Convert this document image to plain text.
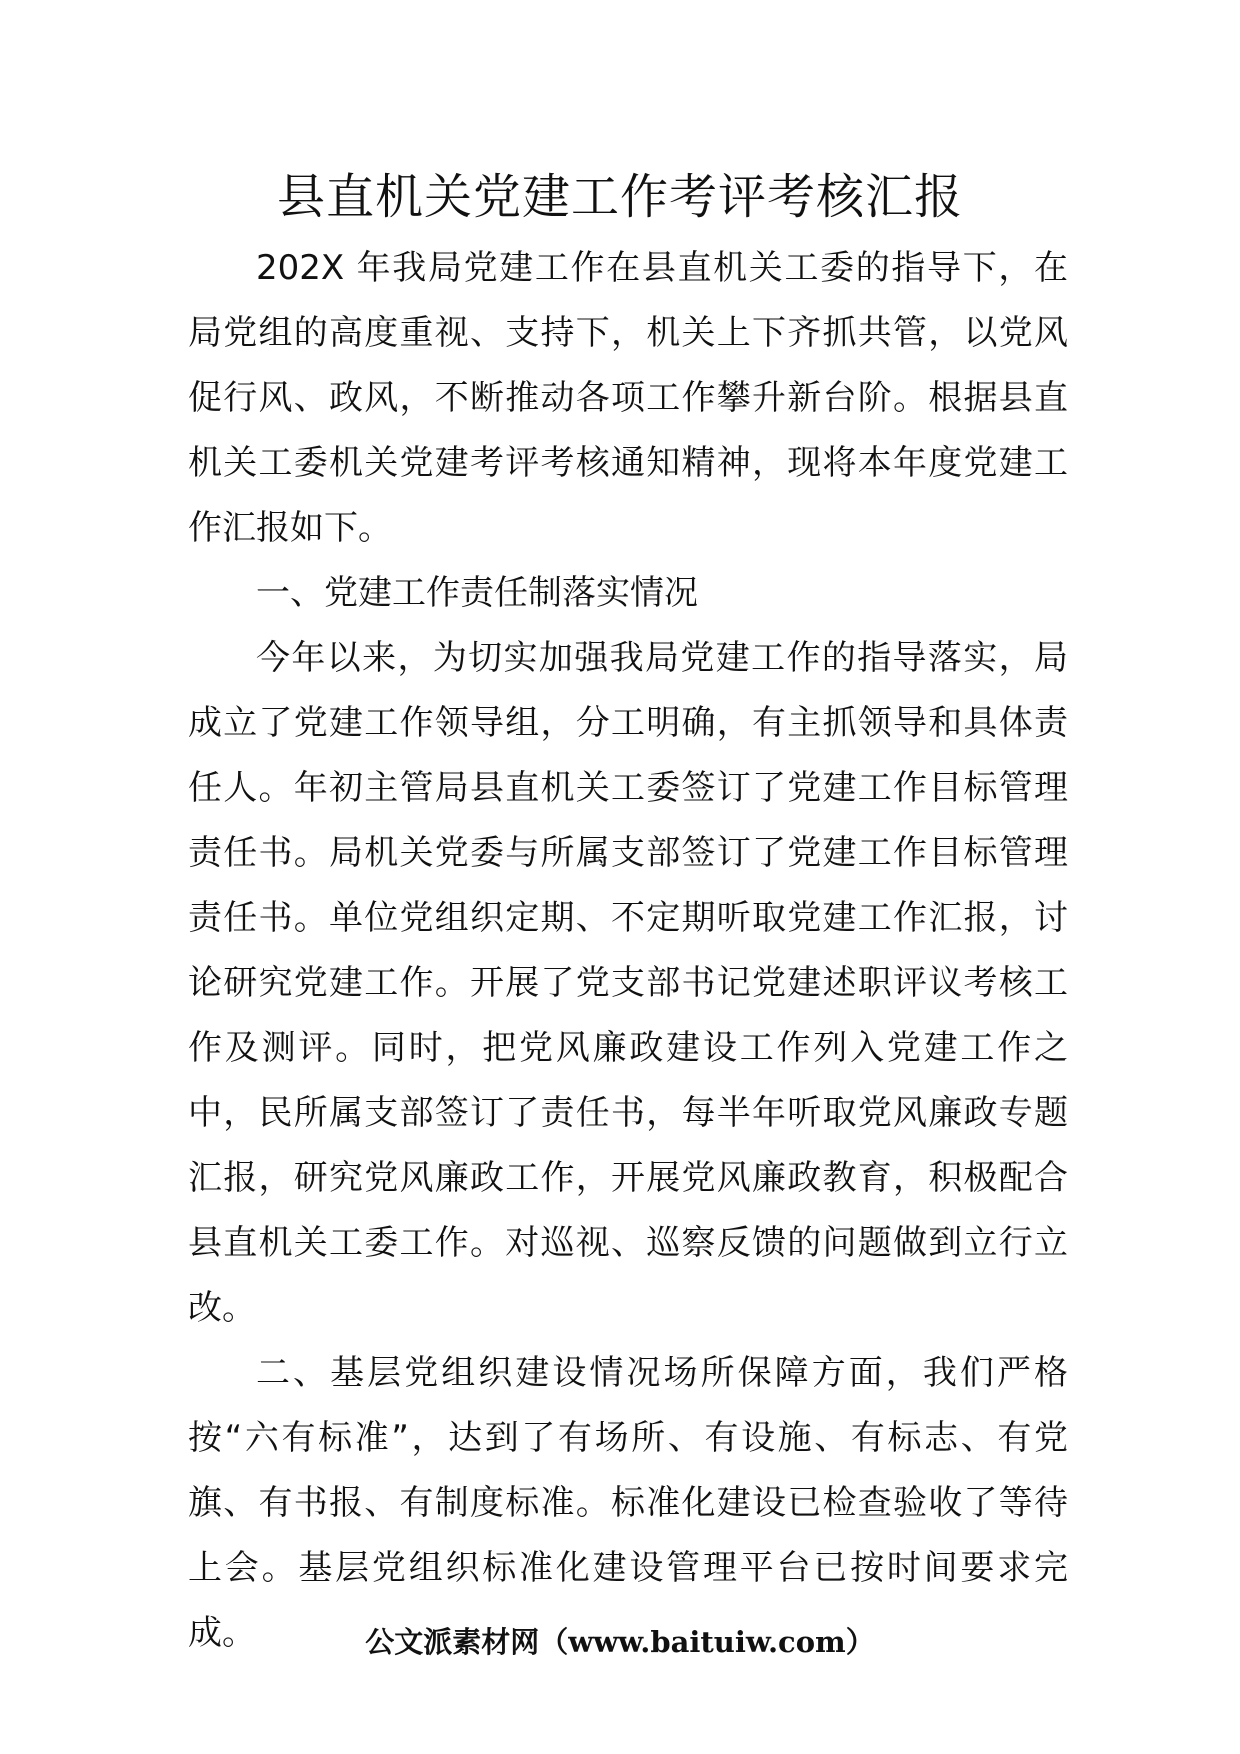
县直机关党建工作考评考核汇报

202X 年我局党建工作在县直机关工委的指导下，在局党组的高度重视、支持下，机关上下齐抓共管，以党风促行风、政风，不断推动各项工作攀升新台阶。根据县直机关工委机关党建考评考核通知精神，现将本年度党建工作汇报如下。

一、党建工作责任制落实情况

今年以来，为切实加强我局党建工作的指导落实，局成立了党建工作领导组，分工明确，有主抓领导和具体责任人。年初主管局县直机关工委签订了党建工作目标管理责任书。局机关党委与所属支部签订了党建工作目标管理责任书。单位党组织定期、不定期听取党建工作汇报，讨论研究党建工作。开展了党支部书记党建述职评议考核工作及测评。同时，把党风廉政建设工作列入党建工作之中，民所属支部签订了责任书，每半年听取党风廉政专题汇报，研究党风廉政工作，开展党风廉政教育，积极配合县直机关工委工作。对巡视、巡察反馈的问题做到立行立改。

二、基层党组织建设情况场所保障方面，我们严格按“六有标准”，达到了有场所、有设施、有标志、有党旗、有书报、有制度标准。标准化建设已检查验收了等待上会。基层党组织标准化建设管理平台已按时间要求完成。	公文派素材网（www.baituiw.com）
